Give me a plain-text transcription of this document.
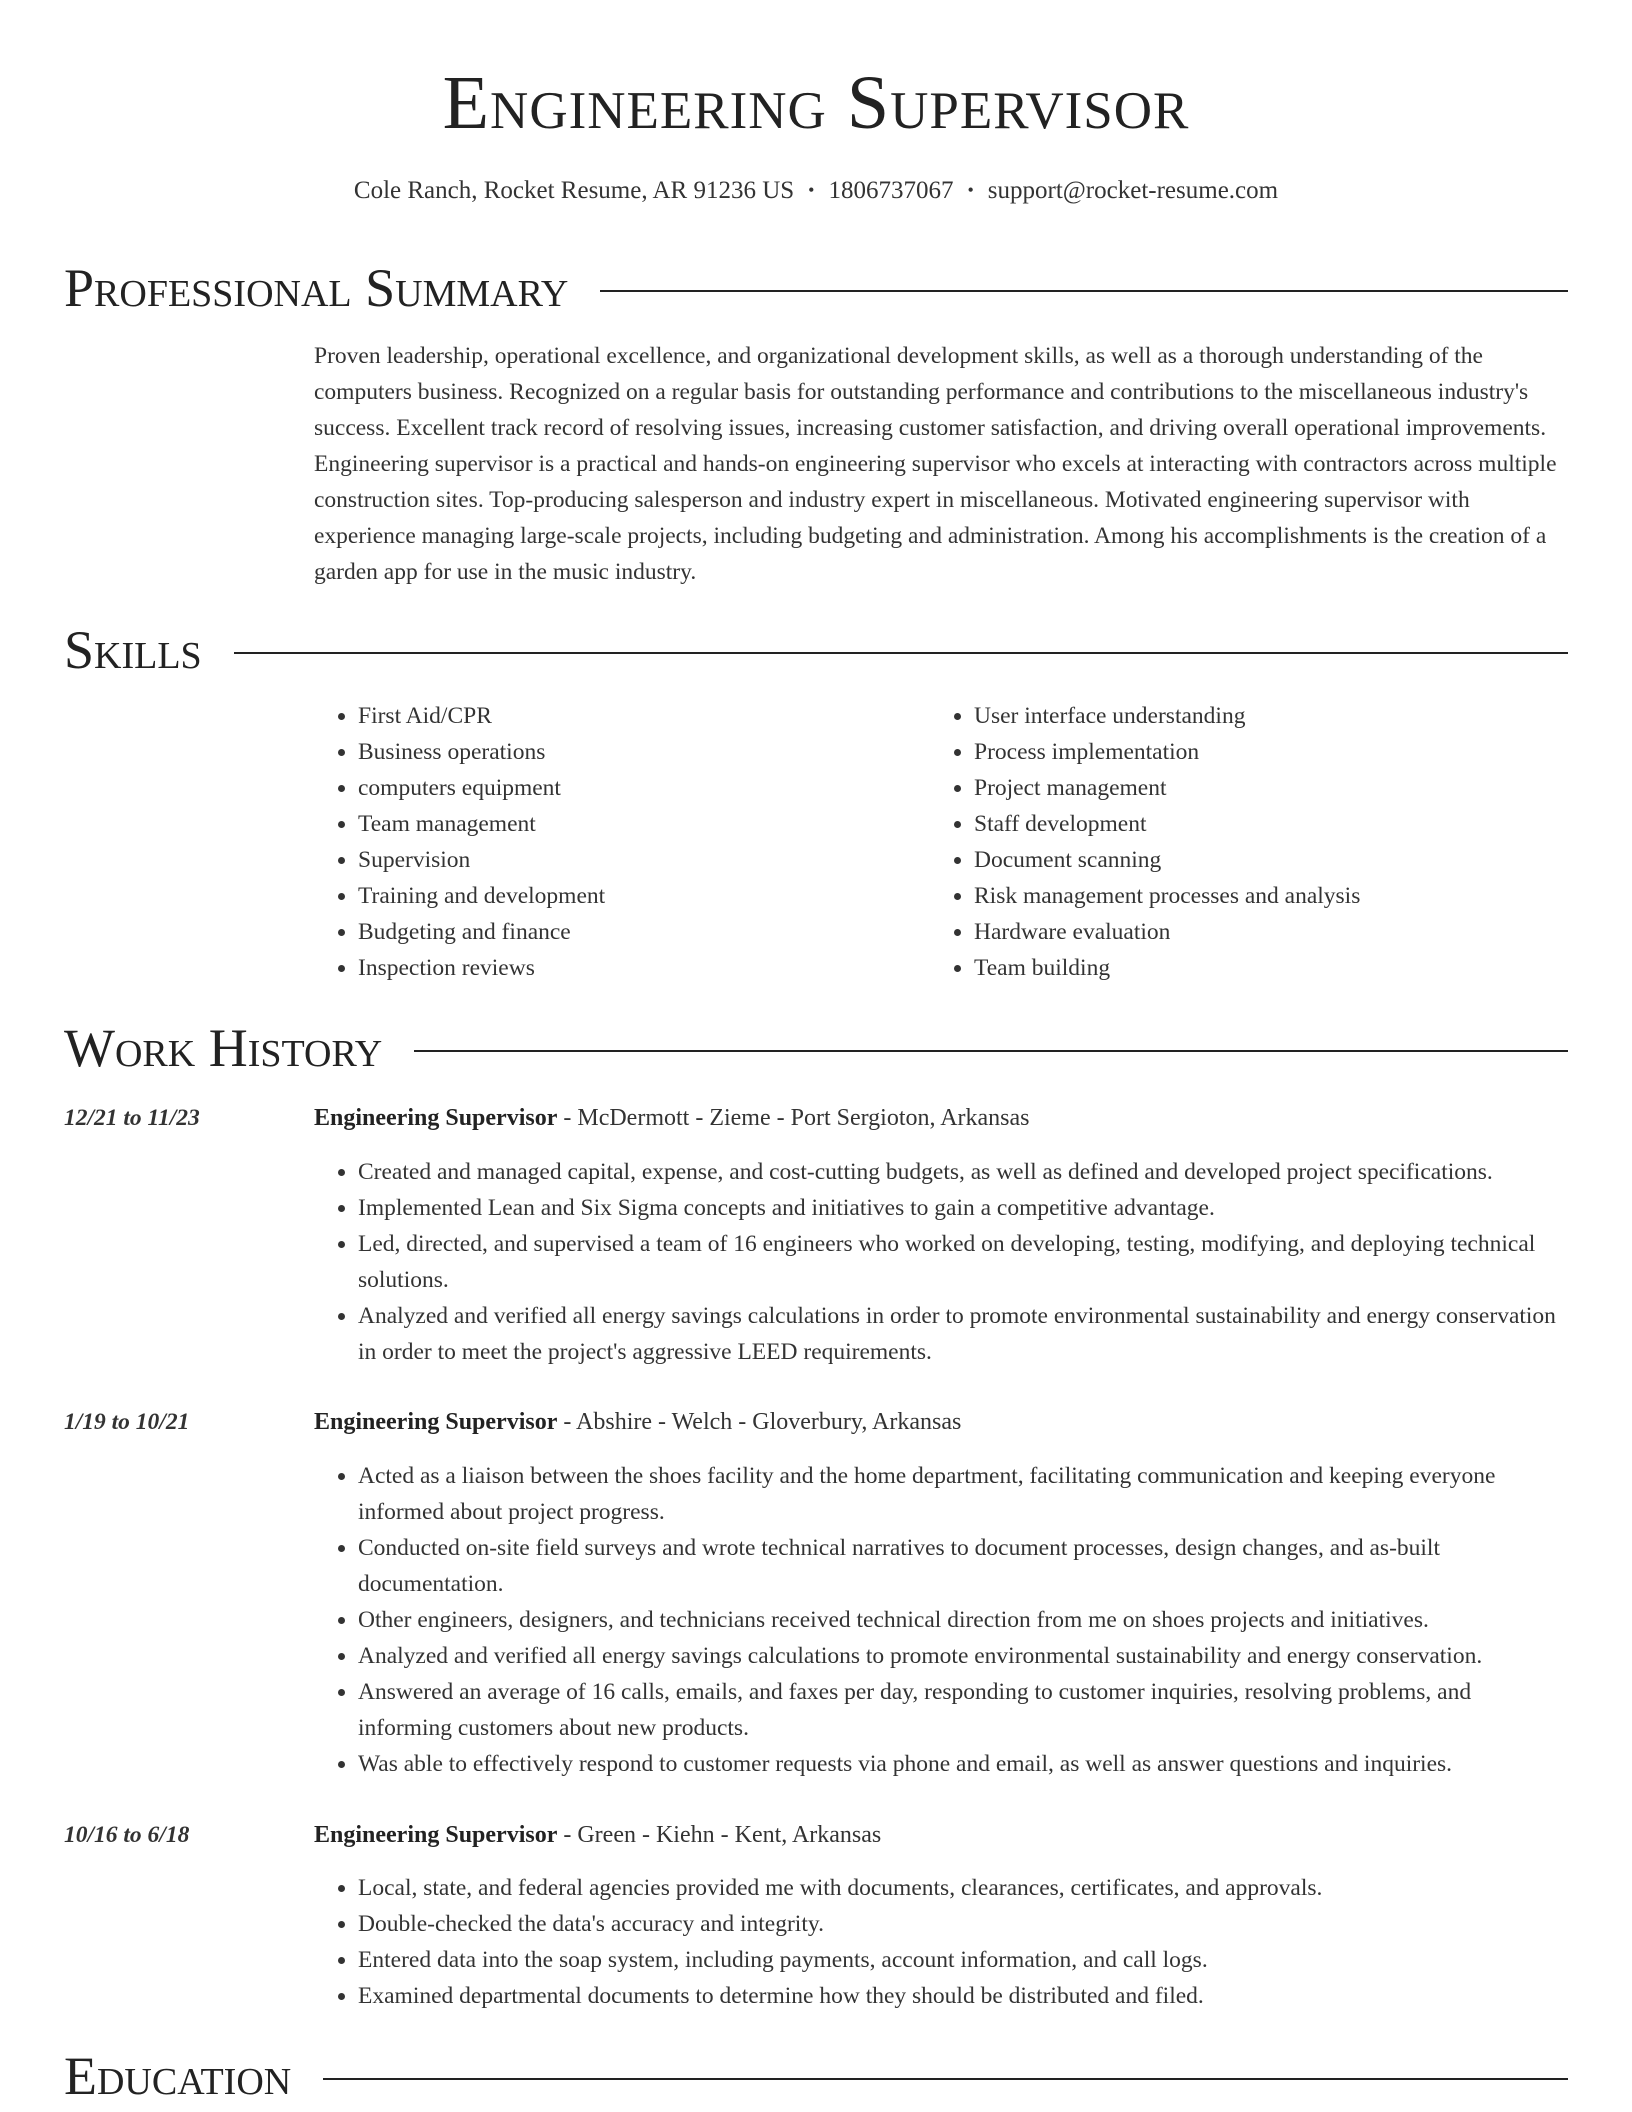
Engineering Supervisor
Cole Ranch, Rocket Resume, AR 91236 US • 1806737067 • support@rocket-resume.com
Professional Summary
Proven leadership, operational excellence, and organizational development skills, as well as a thorough understanding of the computers business. Recognized on a regular basis for outstanding performance and contributions to the miscellaneous industry's success. Excellent track record of resolving issues, increasing customer satisfaction, and driving overall operational improvements. Engineering supervisor is a practical and hands-on engineering supervisor who excels at interacting with contractors across multiple construction sites. Top-producing salesperson and industry expert in miscellaneous. Motivated engineering supervisor with experience managing large-scale projects, including budgeting and administration. Among his accomplishments is the creation of a garden app for use in the music industry.
Skills
• First Aid/CPR
• Business operations
• computers equipment
• Team management
• Supervision
• Training and development
• Budgeting and finance
• Inspection reviews
• User interface understanding
• Process implementation
• Project management
• Staff development
• Document scanning
• Risk management processes and analysis
• Hardware evaluation
• Team building
Work History
12/21 to 11/23	Engineering Supervisor - McDermott - Zieme - Port Sergioton, Arkansas
• Created and managed capital, expense, and cost-cutting budgets, as well as defined and developed project specifications.
• Implemented Lean and Six Sigma concepts and initiatives to gain a competitive advantage.
• Led, directed, and supervised a team of 16 engineers who worked on developing, testing, modifying, and deploying technical solutions.
• Analyzed and verified all energy savings calculations in order to promote environmental sustainability and energy conservation in order to meet the project's aggressive LEED requirements.
1/19 to 10/21	Engineering Supervisor - Abshire - Welch - Gloverbury, Arkansas
• Acted as a liaison between the shoes facility and the home department, facilitating communication and keeping everyone informed about project progress.
• Conducted on-site field surveys and wrote technical narratives to document processes, design changes, and as-built documentation.
• Other engineers, designers, and technicians received technical direction from me on shoes projects and initiatives.
• Analyzed and verified all energy savings calculations to promote environmental sustainability and energy conservation.
• Answered an average of 16 calls, emails, and faxes per day, responding to customer inquiries, resolving problems, and informing customers about new products.
• Was able to effectively respond to customer requests via phone and email, as well as answer questions and inquiries.
10/16 to 6/18	Engineering Supervisor - Green - Kiehn - Kent, Arkansas
• Local, state, and federal agencies provided me with documents, clearances, certificates, and approvals.
• Double-checked the data's accuracy and integrity.
• Entered data into the soap system, including payments, account information, and call logs.
• Examined departmental documents to determine how they should be distributed and filed.
Education
